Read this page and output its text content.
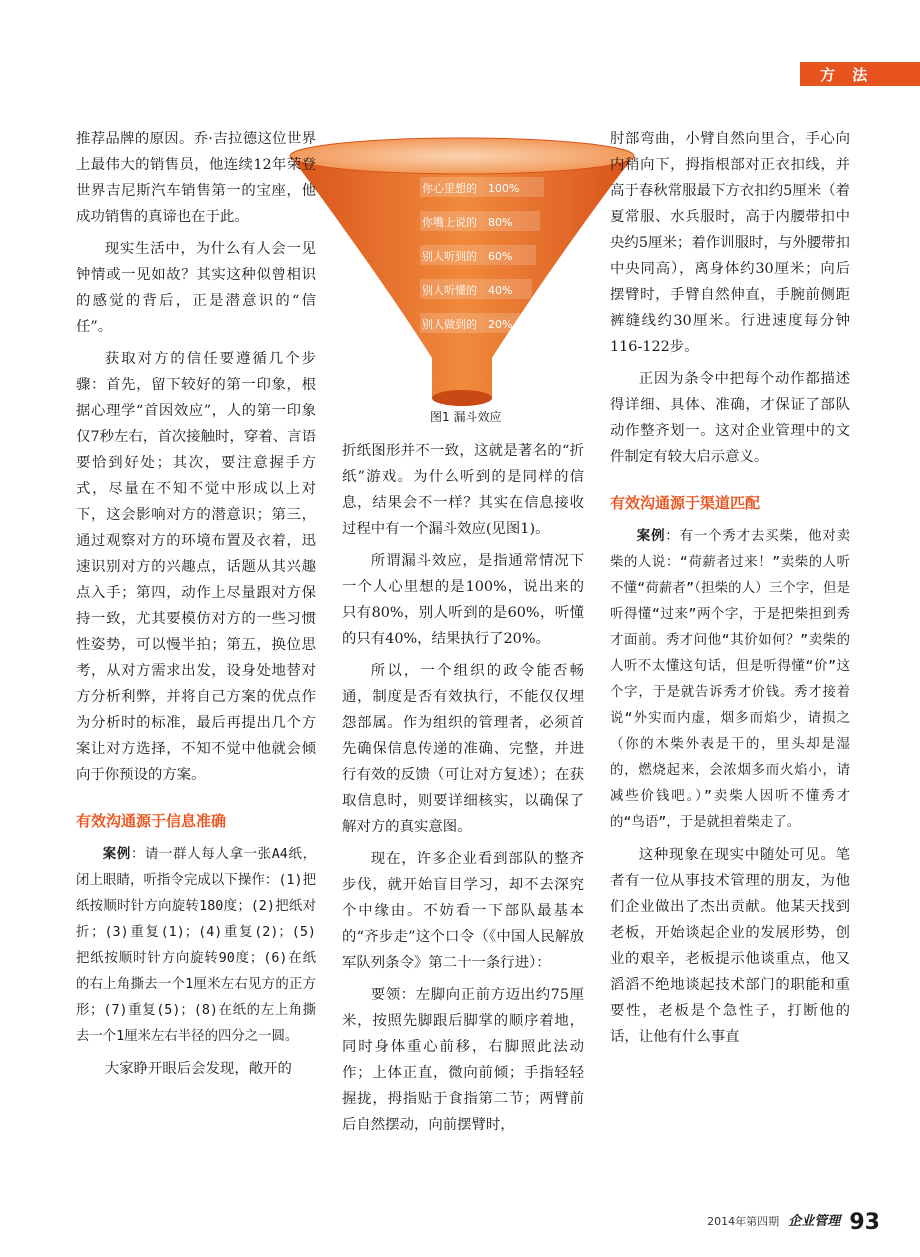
方 法
你心里想的 100%
你嘴上说的 80%
别人听到的 60%
别人听懂的 40%
别人做到的 20%
图1 漏斗效应

推荐品牌的原因。乔·吉拉德这位世界上最伟大的销售员，他连续12年荣登世界吉尼斯汽车销售第一的宝座，他成功销售的真谛也在于此。

现实生活中，为什么有人会一见钟情或一见如故？其实这种似曾相识的感觉的背后，正是潜意识的“信任”。

获取对方的信任要遵循几个步骤：首先，留下较好的第一印象，根据心理学“首因效应”，人的第一印象仅7秒左右，首次接触时，穿着、言语要恰到好处；其次，要注意握手方式，尽量在不知不觉中形成以上对下，这会影响对方的潜意识；第三，通过观察对方的环境布置及衣着，迅速识别对方的兴趣点，话题从其兴趣点入手；第四，动作上尽量跟对方保持一致，尤其要模仿对方的一些习惯性姿势，可以慢半拍；第五，换位思考，从对方需求出发，设身处地替对方分析利弊，并将自己方案的优点作为分析时的标准，最后再提出几个方案让对方选择，不知不觉中他就会倾向于你预设的方案。

有效沟通源于信息准确

案例：请一群人每人拿一张A4纸，闭上眼睛，听指令完成以下操作：(1)把纸按顺时针方向旋转180度；(2)把纸对折；(3)重复(1)；(4)重复(2)；(5)把纸按顺时针方向旋转90度；(6)在纸的右上角撕去一个1厘米左右见方的正方形；(7)重复(5)；(8)在纸的左上角撕去一个1厘米左右半径的四分之一圆。

大家睁开眼后会发现，敞开的

折纸图形并不一致，这就是著名的“折纸”游戏。为什么听到的是同样的信息，结果会不一样？其实在信息接收过程中有一个漏斗效应(见图1)。

所谓漏斗效应，是指通常情况下一个人心里想的是100%，说出来的只有80%，别人听到的是60%，听懂的只有40%，结果执行了20%。

所以，一个组织的政令能否畅通，制度是否有效执行，不能仅仅埋怨部属。作为组织的管理者，必须首先确保信息传递的准确、完整，并进行有效的反馈（可让对方复述）；在获取信息时，则要详细核实，以确保了解对方的真实意图。

现在，许多企业看到部队的整齐步伐，就开始盲目学习，却不去深究个中缘由。不妨看一下部队最基本的“齐步走”这个口令（《中国人民解放军队列条令》第二十一条行进）：

要领：左脚向正前方迈出约75厘米，按照先脚跟后脚掌的顺序着地，同时身体重心前移，右脚照此法动作；上体正直，微向前倾；手指轻轻握拢，拇指贴于食指第二节；两臂前后自然摆动，向前摆臂时，

肘部弯曲，小臂自然向里合，手心向内稍向下，拇指根部对正衣扣线，并高于春秋常服最下方衣扣约5厘米（着夏常服、水兵服时，高于内腰带扣中央约5厘米；着作训服时，与外腰带扣中央同高），离身体约30厘米；向后摆臂时，手臂自然伸直，手腕前侧距裤缝线约30厘米。行进速度每分钟116-122步。

正因为条令中把每个动作都描述得详细、具体、准确，才保证了部队动作整齐划一。这对企业管理中的文件制定有较大启示意义。

有效沟通源于渠道匹配

案例：有一个秀才去买柴，他对卖柴的人说：“荷薪者过来！”卖柴的人听不懂“荷薪者”（担柴的人）三个字，但是听得懂“过来”两个字，于是把柴担到秀才面前。秀才问他“其价如何？”卖柴的人听不太懂这句话，但是听得懂“价”这个字，于是就告诉秀才价钱。秀才接着说“外实而内虚，烟多而焰少，请损之（你的木柴外表是干的，里头却是湿的，燃烧起来，会浓烟多而火焰小，请减些价钱吧。）”卖柴人因听不懂秀才的“鸟语”，于是就担着柴走了。

这种现象在现实中随处可见。笔者有一位从事技术管理的朋友，为他们企业做出了杰出贡献。他某天找到老板，开始谈起企业的发展形势，创业的艰辛，老板提示他谈重点，他又滔滔不绝地谈起技术部门的职能和重要性，老板是个急性子，打断他的话，让他有什么事直

$^{2014年第四期}$ $^{企业管理}$ 93
